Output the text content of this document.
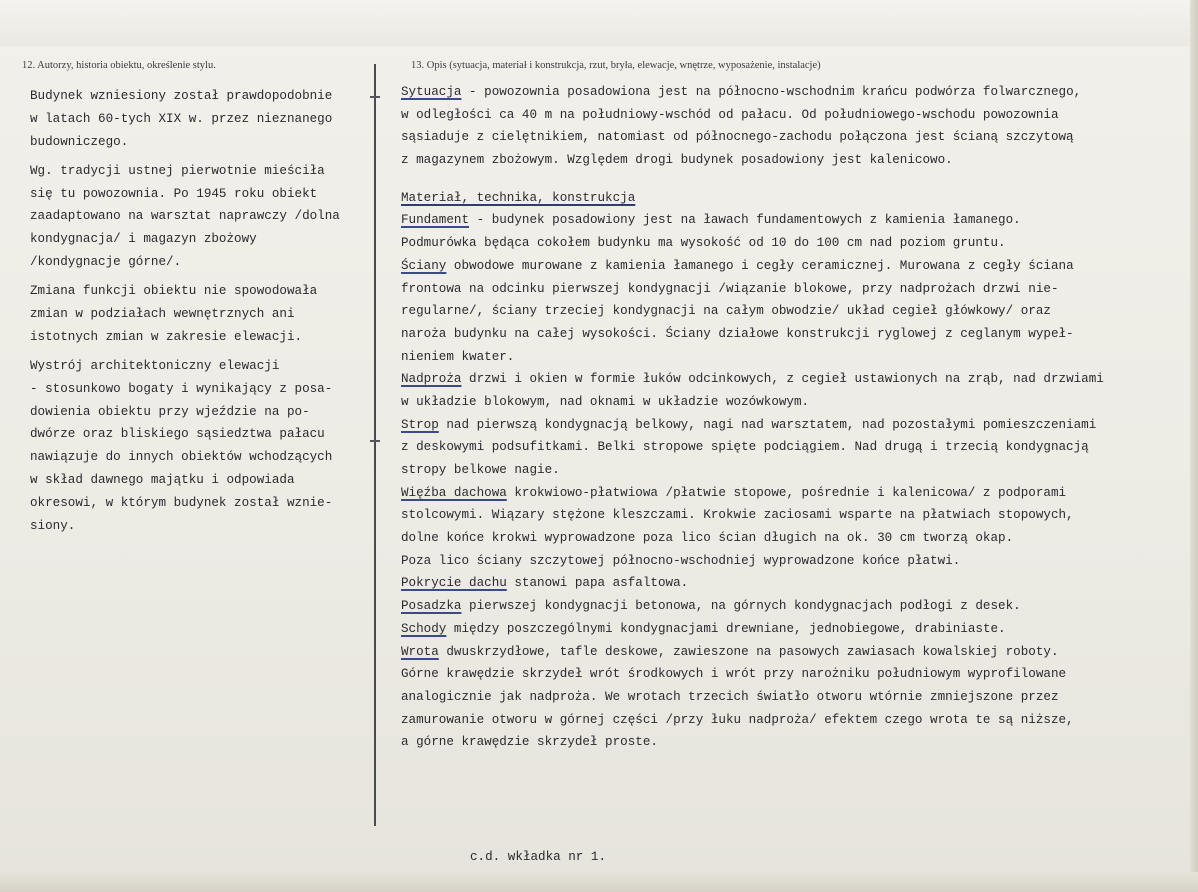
12. Autorzy, historia obiektu, określenie stylu.	13. Opis (sytuacja, materiał i konstrukcja, rzut, bryła, elewacje, wnętrze, wyposażenie, instalacje)
Budynek wzniesiony został prawdopodobnie
w latach 60-tych XIX w. przez nieznanego
budowniczego.
Wg. tradycji ustnej pierwotnie mieściła
się tu powozownia. Po 1945 roku obiekt
zaadaptowano na warsztat naprawczy /dolna
kondygnacja/ i magazyn zbożowy
/kondygnacje górne/.
Zmiana funkcji obiektu nie spowodowała
zmian w podziałach wewnętrznych ani
istotnych zmian w zakresie elewacji.
Wystrój architektoniczny elewacji
- stosunkowo bogaty i wynikający z posa-
dowienia obiektu przy wjeździe na po-
dwórze oraz bliskiego sąsiedztwa pałacu
nawiązuje do innych obiektów wchodzących
w skład dawnego majątku i odpowiada
okresowi, w którym budynek został wznie-
siony.
Sytuacja - powozownia posadowiona jest na północno-wschodnim krańcu podwórza folwarcznego,
w odległości ca 40 m na południowy-wschód od pałacu. Od południowego-wschodu powozownia
sąsiaduje z cielętnikiem, natomiast od północnego-zachodu połączona jest ścianą szczytową
z magazynem zbożowym. Względem drogi budynek posadowiony jest kalenicowo.
Materiał, technika, konstrukcja
Fundament - budynek posadowiony jest na ławach fundamentowych z kamienia łamanego.
Podmurówka będąca cokołem budynku ma wysokość od 10 do 100 cm nad poziom gruntu.
Ściany obwodowe murowane z kamienia łamanego i cegły ceramicznej. Murowana z cegły ściana
frontowa na odcinku pierwszej kondygnacji /wiązanie blokowe, przy nadprożach drzwi nie-
regularne/, ściany trzeciej kondygnacji na całym obwodzie/ układ cegieł główkowy/ oraz
naroża budynku na całej wysokości. Ściany działowe konstrukcji ryglowej z ceglanym wypeł-
nieniem kwater.
Nadproża drzwi i okien w formie łuków odcinkowych, z cegieł ustawionych na zrąb, nad drzwiami
w układzie blokowym, nad oknami w układzie wozówkowym.
Strop nad pierwszą kondygnacją belkowy, nagi nad warsztatem, nad pozostałymi pomieszczeniami
z deskowymi podsufitkami. Belki stropowe spięte podciągiem. Nad drugą i trzecią kondygnacją
stropy belkowe nagie.
Więźba dachowa krokwiowo-płatwiowa /płatwie stopowe, pośrednie i kalenicowa/ z podporami
stolcowymi. Wiązary stężone kleszczami. Krokwie zaciosami wsparte na płatwiach stopowych,
dolne końce krokwi wyprowadzone poza lico ścian długich na ok. 30 cm tworzą okap.
Poza lico ściany szczytowej północno-wschodniej wyprowadzone końce płatwi.
Pokrycie dachu stanowi papa asfaltowa.
Posadzka pierwszej kondygnacji betonowa, na górnych kondygnacjach podłogi z desek.
Schody między poszczególnymi kondygnacjami drewniane, jednobiegowe, drabiniaste.
Wrota dwuskrzydłowe, tafle deskowe, zawieszone na pasowych zawiasach kowalskiej roboty.
Górne krawędzie skrzydeł wrót środkowych i wrót przy narożniku południowym wyprofilowane
analogicznie jak nadproża. We wrotach trzecich światło otworu wtórnie zmniejszone przez
zamurowanie otworu w górnej części /przy łuku nadproża/ efektem czego wrota te są niższe,
a górne krawędzie skrzydeł proste.
c.d. wkładka nr 1.
